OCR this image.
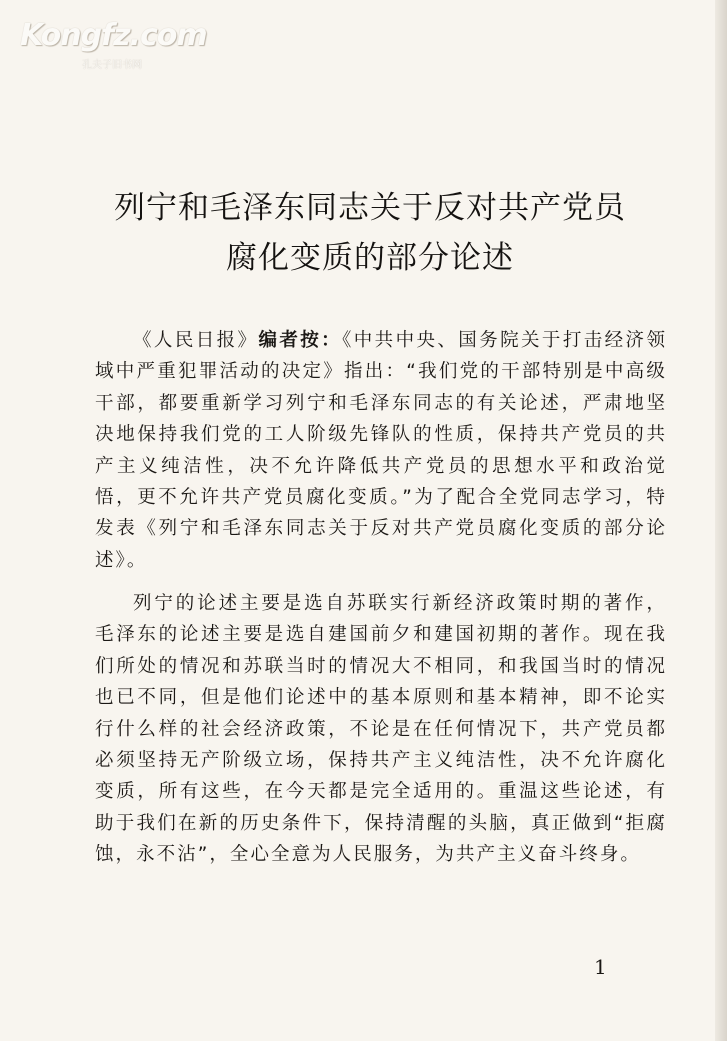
Kongfz.com
孔夫子旧书网
列宁和毛泽东同志关于反对共产党员
腐化变质的部分论述
《人民日报》编者按：《中共中央、国务院关于打击经济领域中严重犯罪活动的决定》指出：“我们党的干部特别是中高级干部，都要重新学习列宁和毛泽东同志的有关论述，严肃地坚决地保持我们党的工人阶级先锋队的性质，保持共产党员的共产主义纯洁性，决不允许降低共产党员的思想水平和政治觉悟，更不允许共产党员腐化变质。”为了配合全党同志学习，特发表《列宁和毛泽东同志关于反对共产党员腐化变质的部分论述》。
列宁的论述主要是选自苏联实行新经济政策时期的著作，毛泽东的论述主要是选自建国前夕和建国初期的著作。现在我们所处的情况和苏联当时的情况大不相同，和我国当时的情况也已不同，但是他们论述中的基本原则和基本精神，即不论实行什么样的社会经济政策，不论是在任何情况下，共产党员都必须坚持无产阶级立场，保持共产主义纯洁性，决不允许腐化变质，所有这些，在今天都是完全适用的。重温这些论述，有助于我们在新的历史条件下，保持清醒的头脑，真正做到“拒腐蚀，永不沾”，全心全意为人民服务，为共产主义奋斗终身。
1
